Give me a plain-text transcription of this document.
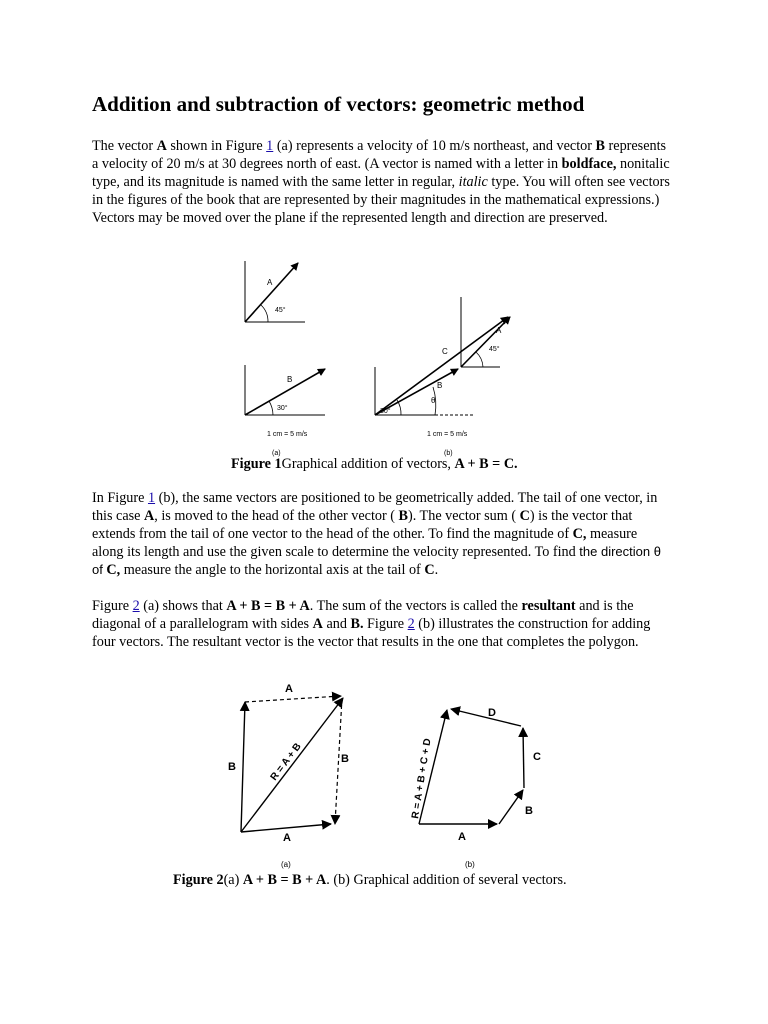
Addition and subtraction of vectors: geometric method

The vector A shown in Figure 1 (a) represents a velocity of 10 m/s northeast, and vector B represents a velocity of 20 m/s at 30 degrees north of east. (A vector is named with a letter in boldface, nonitalic type, and its magnitude is named with the same letter in regular, italic type. You will often see vectors in the figures of the book that are represented by their magnitudes in the mathematical expressions.) Vectors may be moved over the plane if the represented length and direction are preserved.

A
45°
B
30°
1 cm = 5 m/s
(a)
C
B
A
45°
30°
θ
1 cm = 5 m/s
(b)

Figure 1Graphical addition of vectors, A + B = C.

In Figure 1 (b), the same vectors are positioned to be geometrically added. The tail of one vector, in this case A, is moved to the head of the other vector ( B). The vector sum ( C) is the vector that extends from the tail of one vector to the head of the other. To find the magnitude of C, measure along its length and use the given scale to determine the velocity represented. To find the direction θ of C, measure the angle to the horizontal axis at the tail of C.

Figure 2 (a) shows that A + B = B + A. The sum of the vectors is called the resultant and is the diagonal of a parallelogram with sides A and B. Figure 2 (b) illustrates the construction for adding four vectors. The resultant vector is the vector that results in the one that completes the polygon.

A
B
B
A
R = A + B
(a)
A
B
C
D
R = A + B + C + D
(b)

Figure 2(a) A + B = B + A. (b) Graphical addition of several vectors.
